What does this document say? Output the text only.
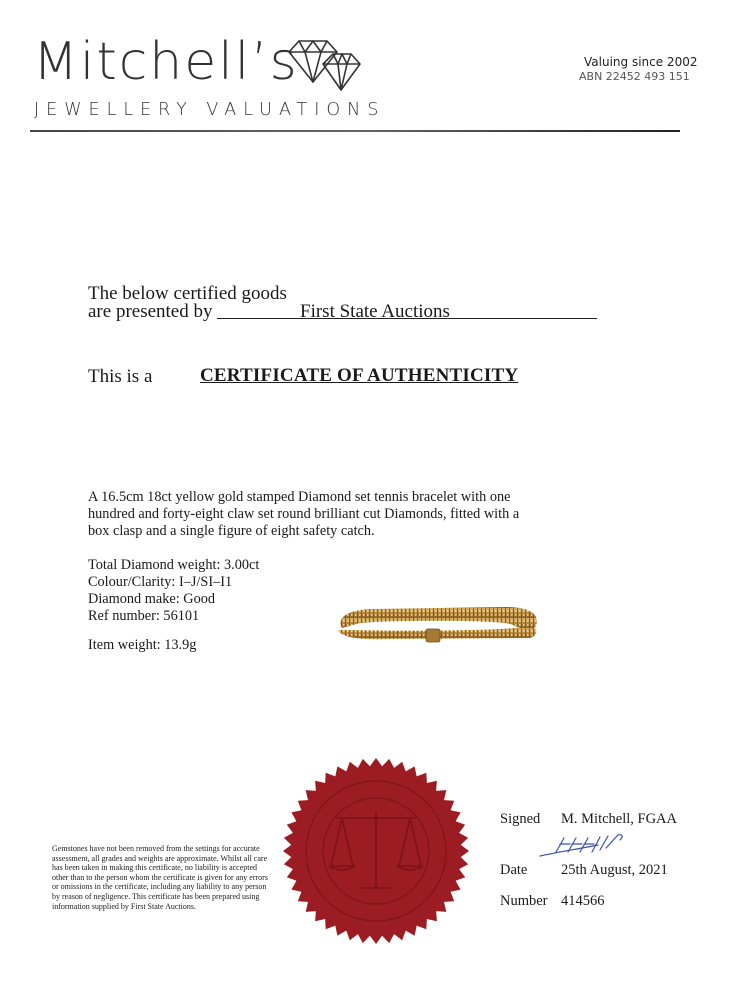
Mitchell’s
JEWELLERY VALUATIONS
Valuing since 2002
ABN 22452 493 151
The below certified goods
are presented by	First State Auctions
This is a	CERTIFICATE OF AUTHENTICITY
A 16.5cm 18ct yellow gold stamped Diamond set tennis bracelet with one hundred and forty-eight claw set round brilliant cut Diamonds, fitted with a box clasp and a single figure of eight safety catch.
Total Diamond weight: 3.00ct
Colour/Clarity: I–J/SI–I1
Diamond make: Good
Ref number: 56101
Item weight: 13.9g
Gemstones have not been removed from the settings for accurate assessment, all grades and weights are approximate. Whilst all care has been taken in making this certificate, no liability is accepted other than to the person whom the certificate is given for any errors or omissions in the certificate, including any liability to any person by reason of negligence. This certificate has been prepared using information supplied by First State Auctions.
Signed M. Mitchell, FGAA
Date 25th August, 2021
Number 414566
